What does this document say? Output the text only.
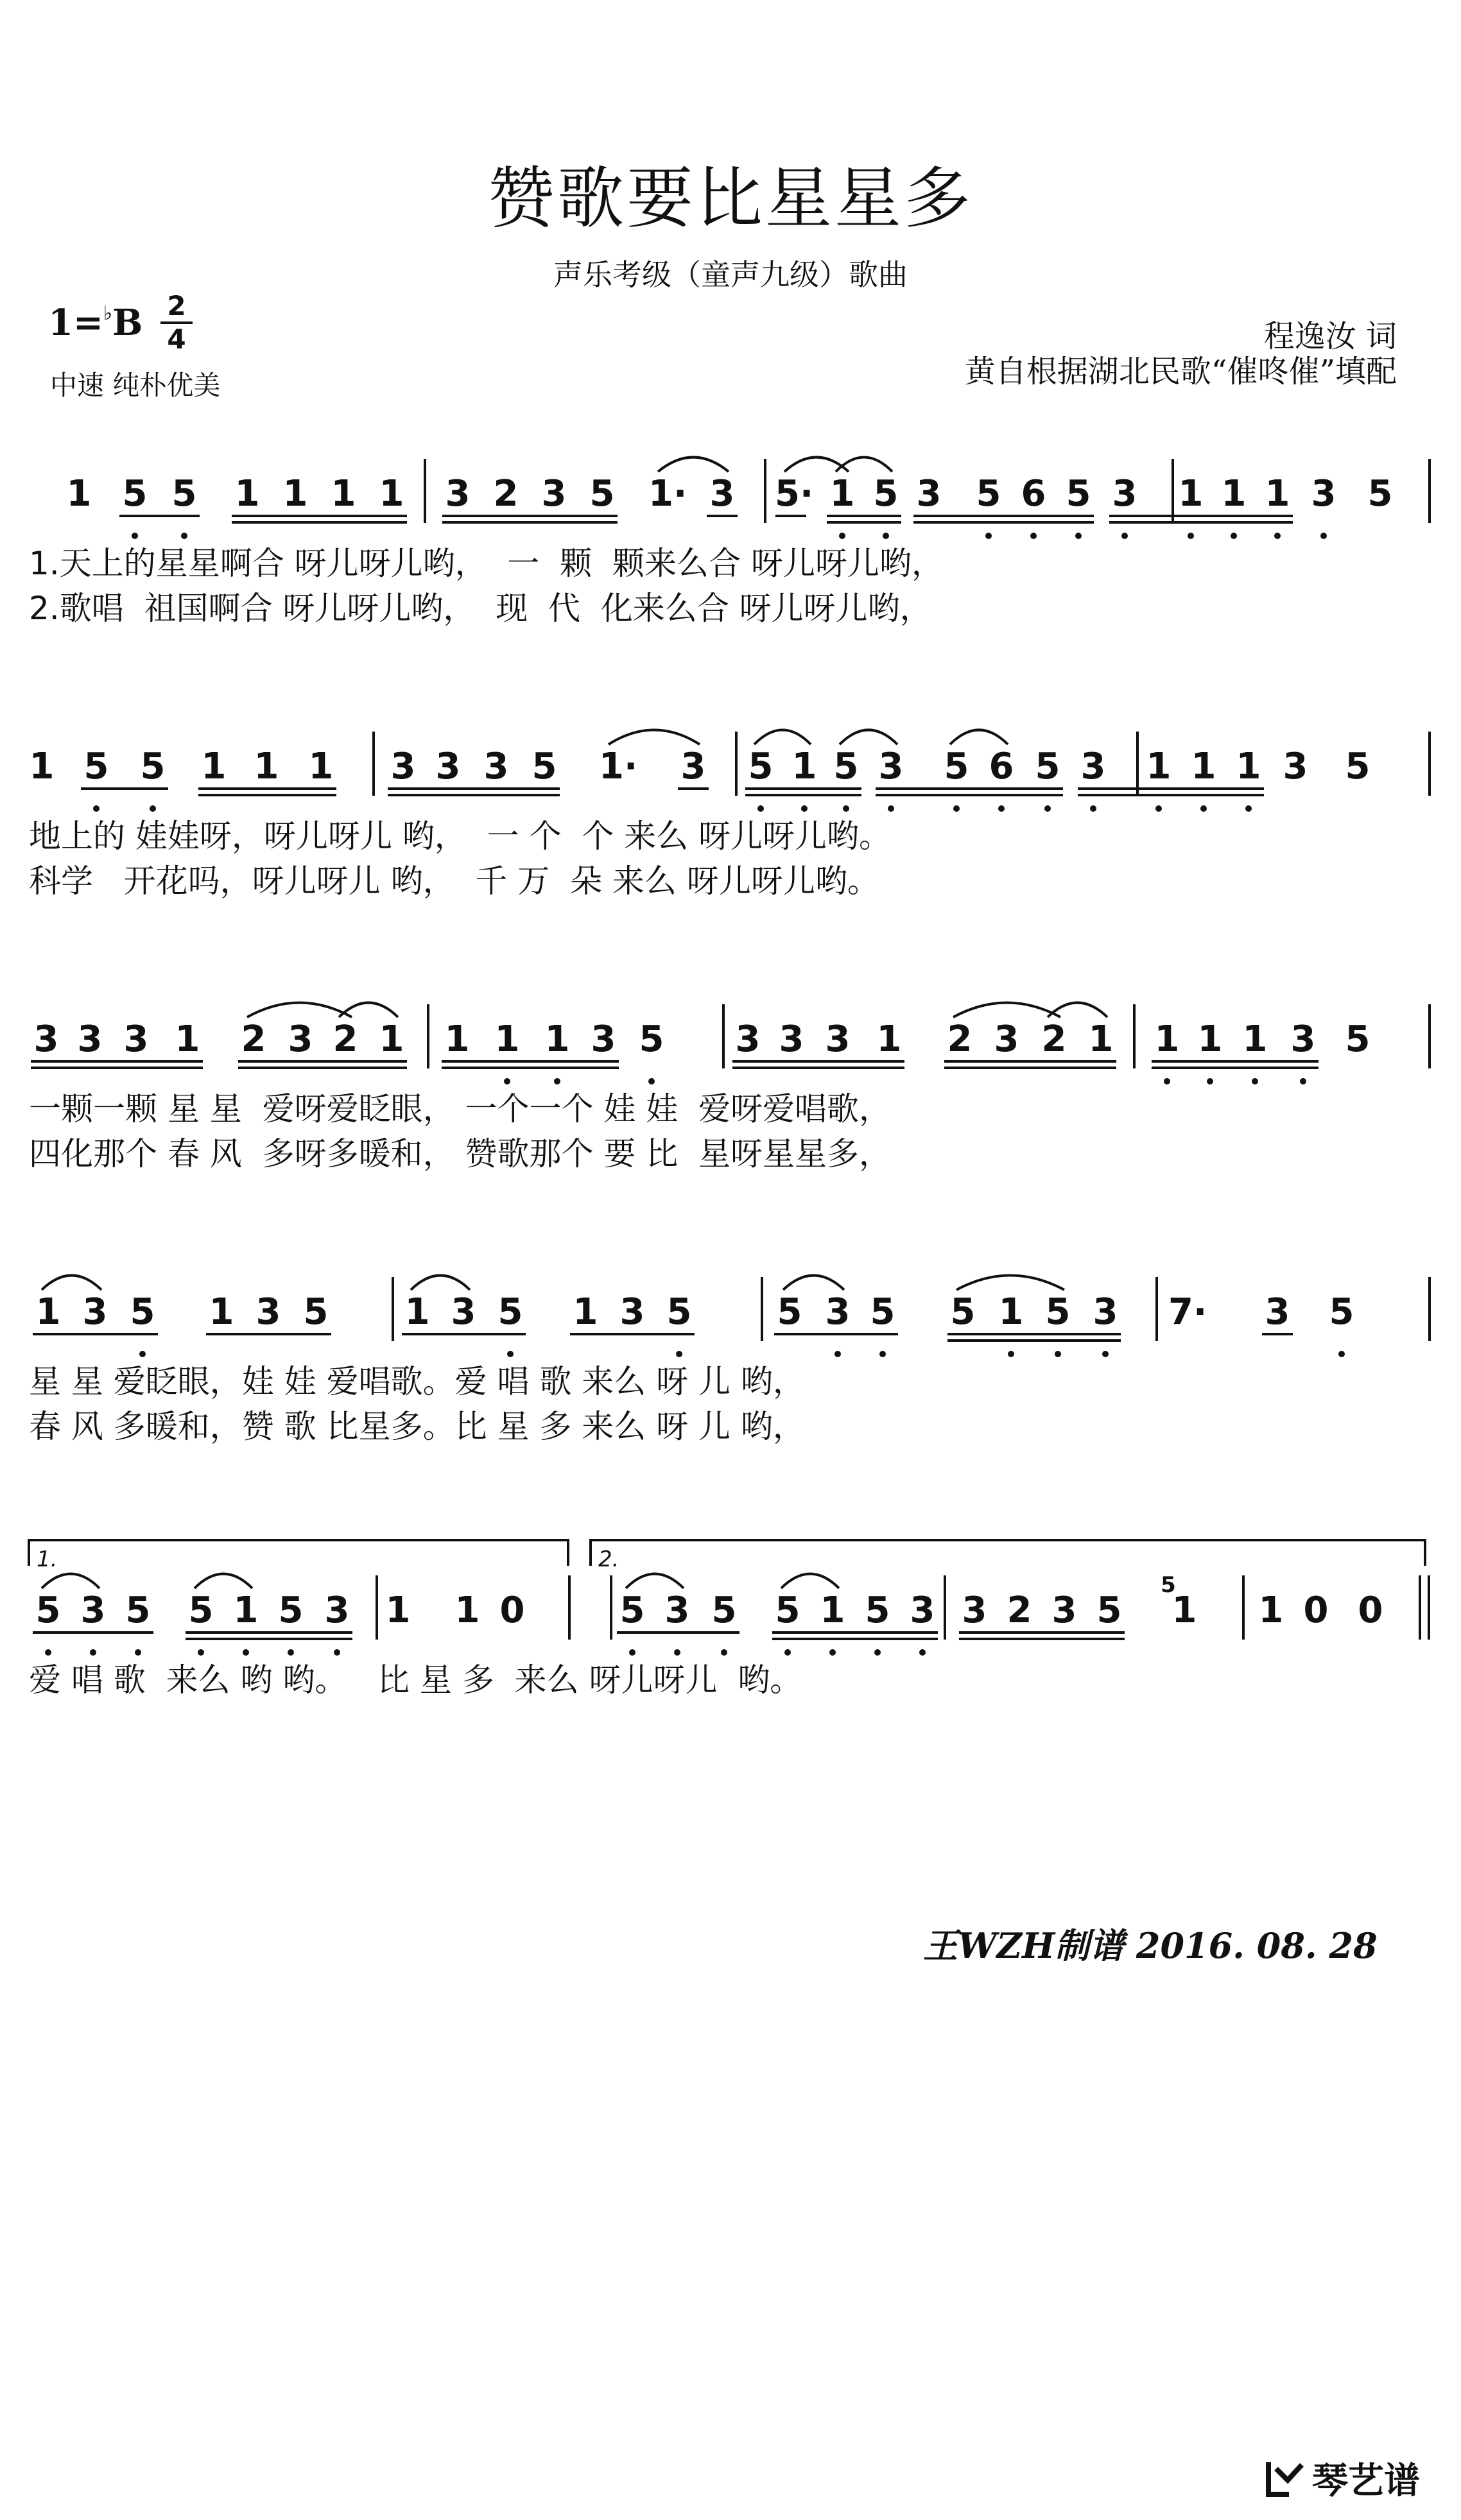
赞歌要比星星多
声乐考级（童声九级）歌曲
1=♭B 2
4
中速 纯朴优美
程逸汝 词
黄自根据湖北民歌“催咚催”填配
1 5 5 1 1 1 1 3 2 3 5 1· 3 5· 1 5 3 5 6 5 3 1 1 1 3 5
1.天上的星星啊合 呀儿呀儿哟，  一  颗  颗来么合 呀儿呀儿哟，
2.歌唱  祖国啊合 呀儿呀儿哟，  现  代  化来么合 呀儿呀儿哟，
1 5 5 1 1 1 3 3 3 5 1· 3 5 1 5 3 5 6 5 3 1 1 1 3 5
地上的 娃娃呀，呀儿呀儿 哟，  一 个  个 来么 呀儿呀儿哟。
科学   开花吗，呀儿呀儿 哟，  千 万  朵 来么 呀儿呀儿哟。
3 3 3 1 2 3 2 1 1 1 1 3 5 3 3 3 1 2 3 2 1 1 1 1 3 5
一颗一颗 星 星  爱呀爱眨眼， 一个一个 娃 娃  爱呀爱唱歌，
四化那个 春 风  多呀多暖和， 赞歌那个 要 比  星呀星星多，
1 3 5 1 3 5 1 3 5 1 3 5 5 3 5 5 1 5 3 7· 3 5
星 星 爱眨眼，娃 娃 爱唱歌。爱 唱 歌 来么 呀 儿 哟，
春 风 多暖和，赞 歌 比星多。比 星 多 来么 呀 儿 哟，
5 3 5 5 1 5 3 1 1 0	5 3 5 5 1 5 3 3 2 3 5 1 1 0 0
爱 唱 歌  来么 哟 哟。   比 星 多  来么 呀儿呀儿  哟。
5
1.	2.
王WZH制谱 2016. 08. 28
琴艺谱
